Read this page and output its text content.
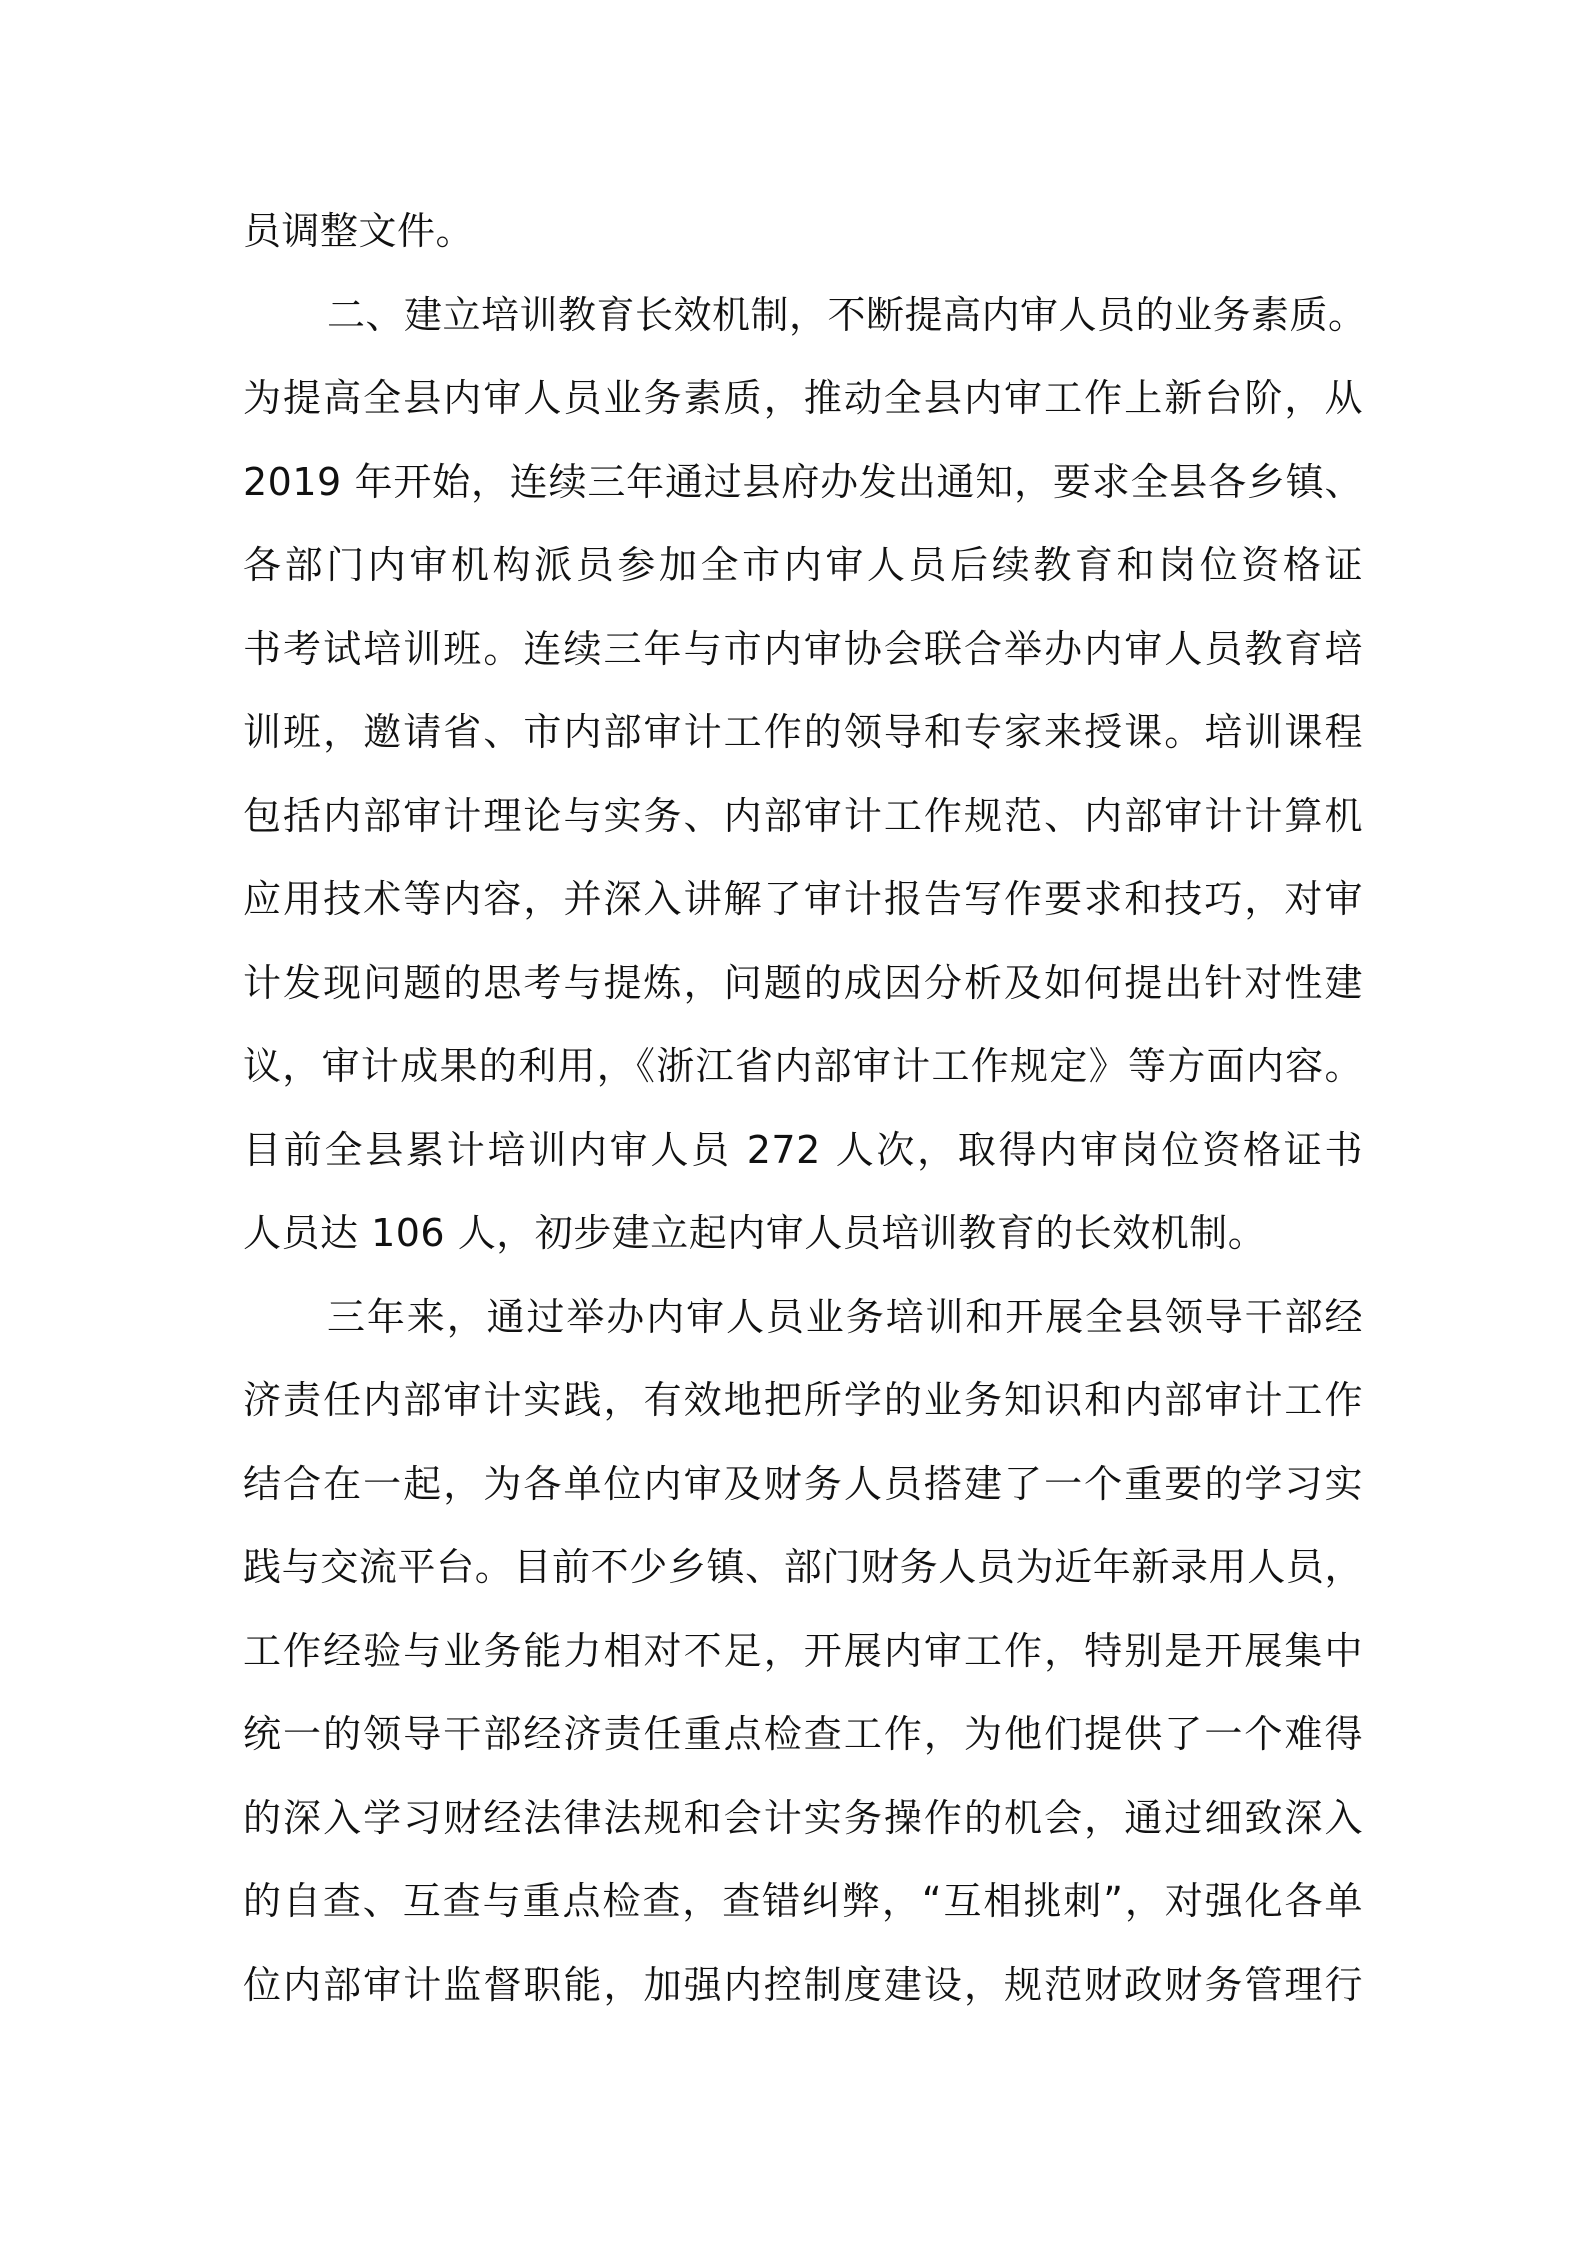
员调整文件。
二、建立培训教育长效机制，不断提高内审人员的业务素质。
为提高全县内审人员业务素质，推动全县内审工作上新台阶，从
2019 年开始，连续三年通过县府办发出通知，要求全县各乡镇、
各部门内审机构派员参加全市内审人员后续教育和岗位资格证
书考试培训班。连续三年与市内审协会联合举办内审人员教育培
训班，邀请省、市内部审计工作的领导和专家来授课。培训课程
包括内部审计理论与实务、内部审计工作规范、内部审计计算机
应用技术等内容，并深入讲解了审计报告写作要求和技巧，对审
计发现问题的思考与提炼，问题的成因分析及如何提出针对性建
议，审计成果的利用，《浙江省内部审计工作规定》等方面内容。
目前全县累计培训内审人员 272 人次，取得内审岗位资格证书
人员达 106 人，初步建立起内审人员培训教育的长效机制。
三年来，通过举办内审人员业务培训和开展全县领导干部经
济责任内部审计实践，有效地把所学的业务知识和内部审计工作
结合在一起，为各单位内审及财务人员搭建了一个重要的学习实
践与交流平台。目前不少乡镇、部门财务人员为近年新录用人员，
工作经验与业务能力相对不足，开展内审工作，特别是开展集中
统一的领导干部经济责任重点检查工作，为他们提供了一个难得
的深入学习财经法律法规和会计实务操作的机会，通过细致深入
的自查、互查与重点检查，查错纠弊，“互相挑刺”，对强化各单
位内部审计监督职能，加强内控制度建设，规范财政财务管理行
